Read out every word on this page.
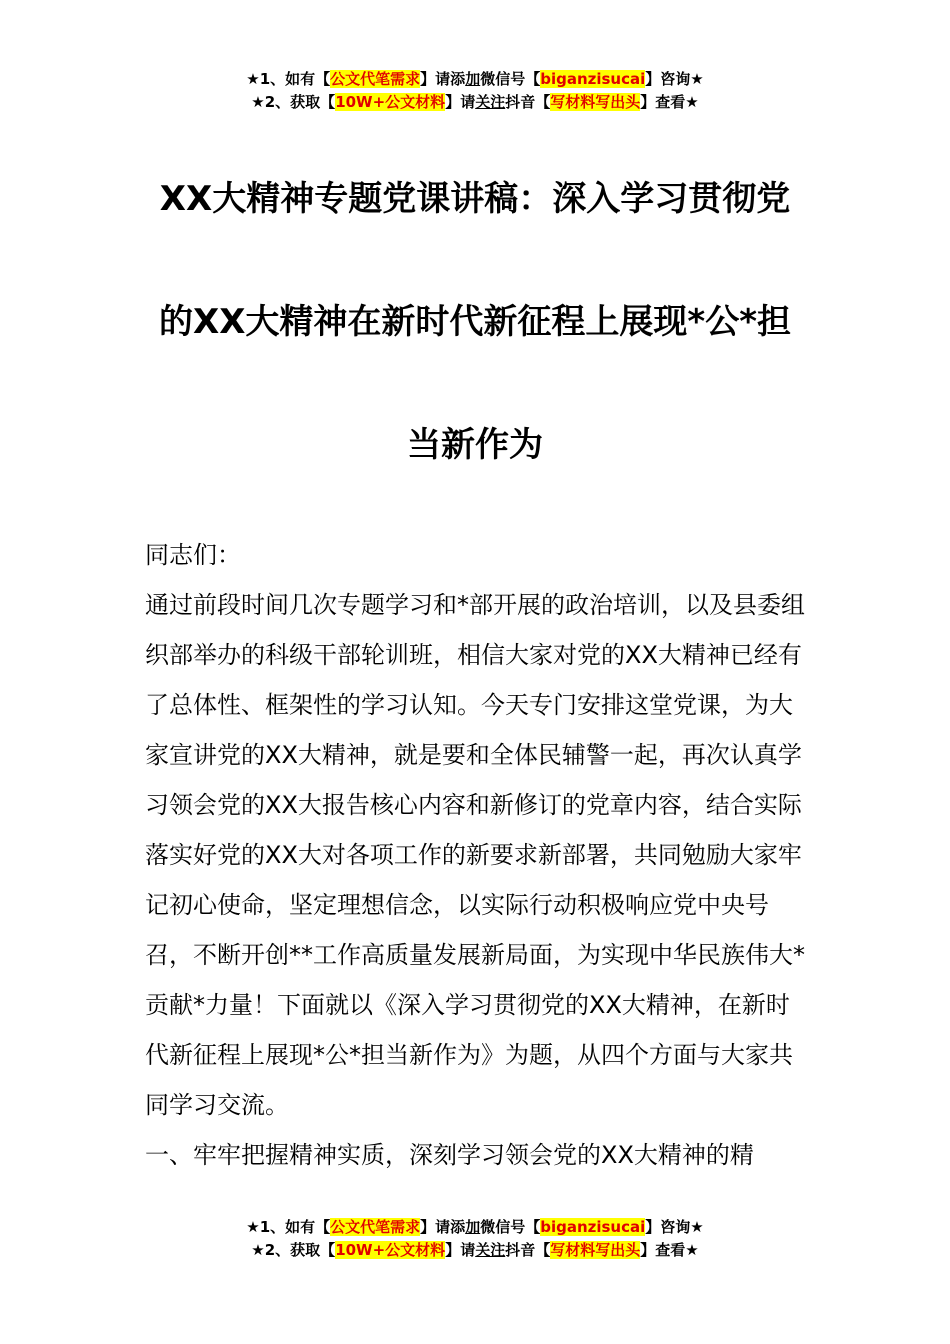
★1、如有【公文代笔需求】请添加微信号【biganzisucai】咨询★
★2、获取【10W+公文材料】请关注抖音【写材料写出头】查看★
XX大精神专题党课讲稿：深入学习贯彻党的XX大精神在新时代新征程上展现*公*担当新作为

同志们：

通过前段时间几次专题学习和*部开展的政治培训，以及县委组织部举办的科级干部轮训班，相信大家对党的XX大精神已经有了总体性、框架性的学习认知。今天专门安排这堂党课，为大家宣讲党的XX大精神，就是要和全体民辅警一起，再次认真学习领会党的XX大报告核心内容和新修订的党章内容，结合实际落实好党的XX大对各项工作的新要求新部署，共同勉励大家牢记初心使命，坚定理想信念，以实际行动积极响应党中央号召，不断开创**工作高质量发展新局面，为实现中华民族伟大*贡献*力量！下面就以《深入学习贯彻党的XX大精神，在新时代新征程上展现*公*担当新作为》为题，从四个方面与大家共同学习交流。

一、牢牢把握精神实质，深刻学习领会党的XX大精神的精

★1、如有【公文代笔需求】请添加微信号【biganzisucai】咨询★
★2、获取【10W+公文材料】请关注抖音【写材料写出头】查看★
